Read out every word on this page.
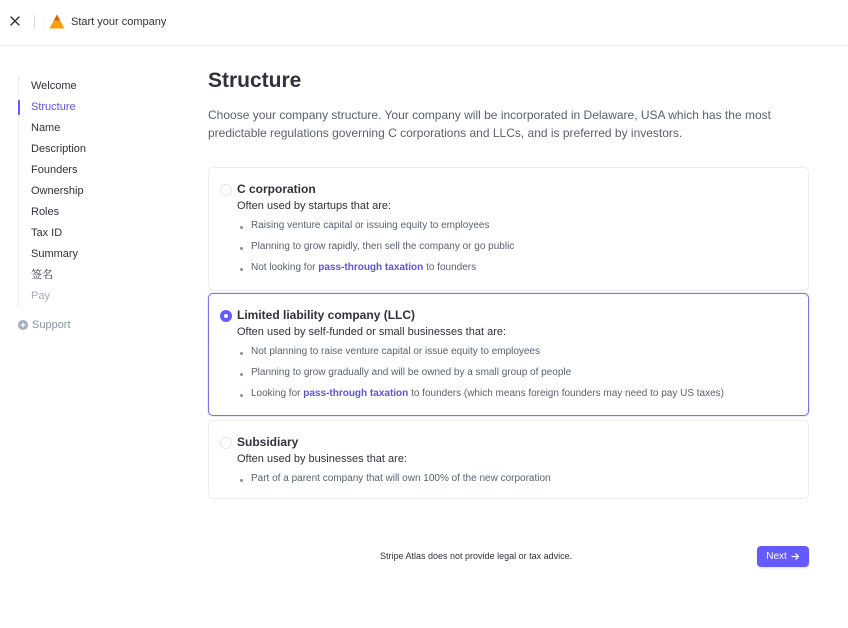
Start your company
Welcome
Structure
Name
Description
Founders
Ownership
Roles
Tax ID
Summary
签名
Pay
Support
Structure

Choose your company structure. Your company will be incorporated in Delaware, USA which has the most predictable regulations governing C corporations and LLCs, and is preferred by investors.

C corporation
Often used by startups that are:
Raising venture capital or issuing equity to employees
Planning to grow rapidly, then sell the company or go public
Not looking for
pass-through taxation
to founders
Limited liability company (LLC)
Often used by self-funded or small businesses that are:
Not planning to raise venture capital or issue equity to employees
Planning to grow gradually and will be owned by a small group of people
Looking for
pass-through taxation
to founders (which means foreign founders may need to pay US taxes)
Subsidiary
Often used by businesses that are:
Part of a parent company that will own 100% of the new corporation
Stripe Atlas does not provide legal or tax advice.	Next
